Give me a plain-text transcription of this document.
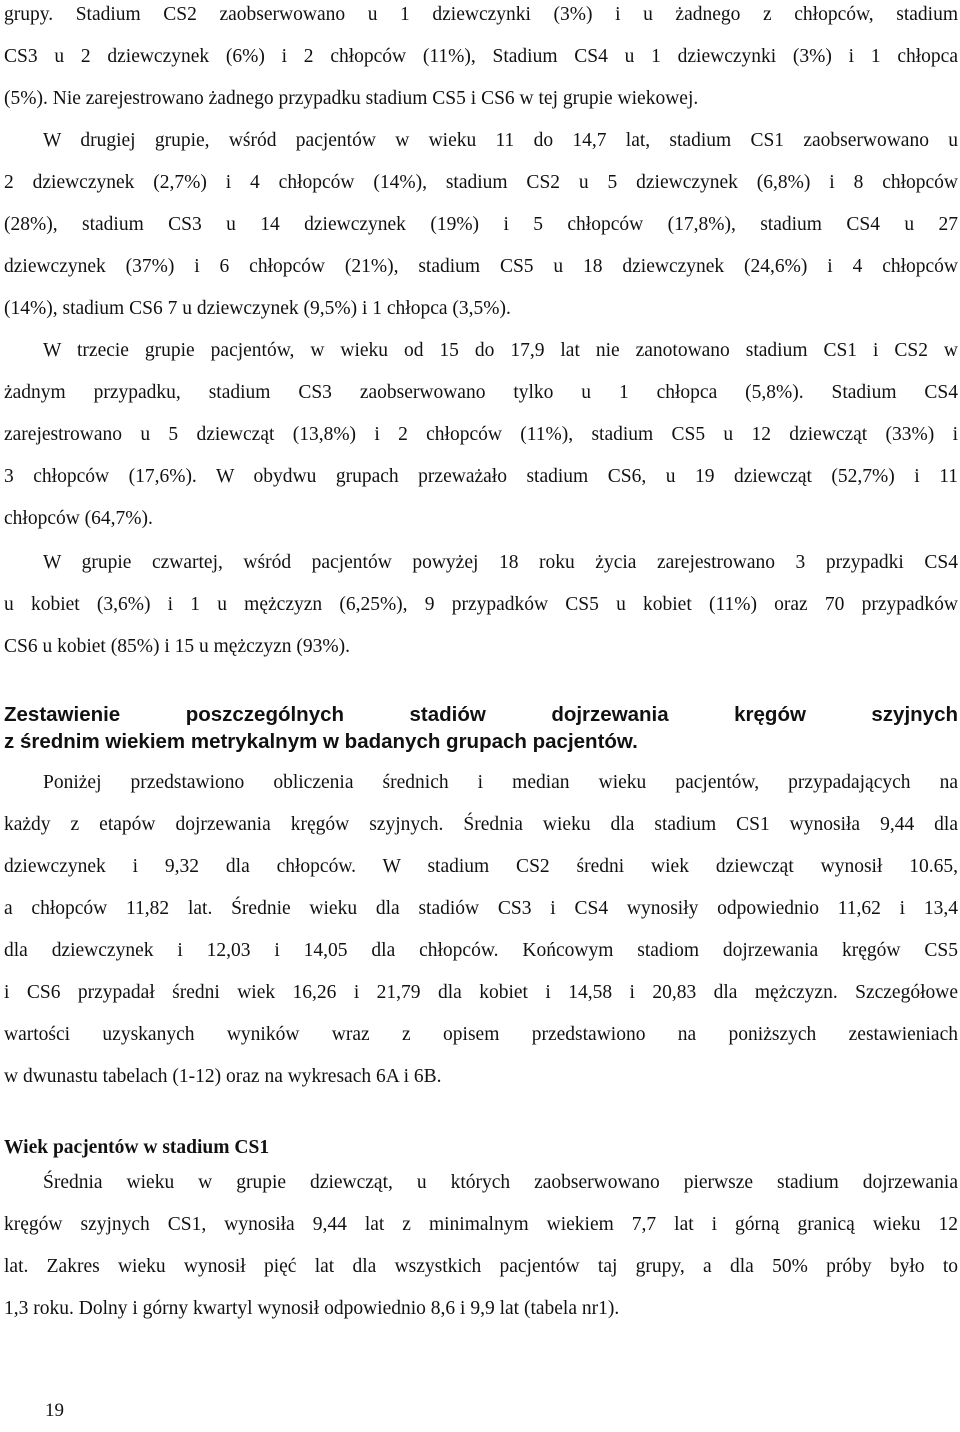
grupy. Stadium CS2 zaobserwowano u 1 dziewczynki (3%) i u żadnego z chłopców, stadium
CS3 u 2 dziewczynek (6%) i 2 chłopców (11%), Stadium CS4 u 1 dziewczynki (3%) i 1 chłopca
(5%). Nie zarejestrowano żadnego przypadku stadium CS5 i CS6 w tej grupie wiekowej.
W drugiej grupie, wśród pacjentów w wieku 11 do 14,7 lat, stadium CS1 zaobserwowano u
2 dziewczynek (2,7%) i 4 chłopców (14%), stadium CS2 u 5 dziewczynek (6,8%) i 8 chłopców
(28%), stadium CS3 u 14 dziewczynek (19%) i 5 chłopców (17,8%), stadium CS4 u 27
dziewczynek (37%) i 6 chłopców (21%), stadium CS5 u 18 dziewczynek (24,6%) i 4 chłopców
(14%), stadium CS6 7 u dziewczynek (9,5%) i 1 chłopca (3,5%).
W trzecie grupie pacjentów, w wieku od 15 do 17,9 lat nie zanotowano stadium CS1 i CS2 w
żadnym przypadku, stadium CS3 zaobserwowano tylko u 1 chłopca (5,8%). Stadium CS4
zarejestrowano u 5 dziewcząt (13,8%) i 2 chłopców (11%), stadium CS5 u 12 dziewcząt (33%) i
3 chłopców (17,6%). W obydwu grupach przeważało stadium CS6, u 19 dziewcząt (52,7%) i 11
chłopców (64,7%).
W grupie czwartej, wśród pacjentów powyżej 18 roku życia zarejestrowano 3 przypadki CS4
u kobiet (3,6%) i 1 u mężczyzn (6,25%), 9 przypadków CS5 u kobiet (11%) oraz 70 przypadków
CS6 u kobiet (85%) i 15 u mężczyzn (93%).
Zestawienie poszczególnych stadiów dojrzewania kręgów szyjnych
z średnim wiekiem metrykalnym w badanych grupach pacjentów.
Poniżej przedstawiono obliczenia średnich i median wieku pacjentów, przypadających na
każdy z etapów dojrzewania kręgów szyjnych. Średnia wieku dla stadium CS1 wynosiła 9,44 dla
dziewczynek i 9,32 dla chłopców. W stadium CS2 średni wiek dziewcząt wynosił 10.65,
a chłopców 11,82 lat. Średnie wieku dla stadiów CS3 i CS4 wynosiły odpowiednio 11,62 i 13,4
dla dziewczynek i 12,03 i 14,05 dla chłopców. Końcowym stadiom dojrzewania kręgów CS5
i CS6 przypadał średni wiek 16,26 i 21,79 dla kobiet i 14,58 i 20,83 dla mężczyzn. Szczegółowe
wartości uzyskanych wyników wraz z opisem przedstawiono na poniższych zestawieniach
w dwunastu tabelach (1-12) oraz na wykresach 6A i 6B.
Wiek pacjentów w stadium CS1
Średnia wieku w grupie dziewcząt, u których zaobserwowano pierwsze stadium dojrzewania
kręgów szyjnych CS1, wynosiła 9,44 lat z minimalnym wiekiem 7,7 lat i górną granicą wieku 12
lat. Zakres wieku wynosił pięć lat dla wszystkich pacjentów taj grupy, a dla 50% próby było to
1,3 roku. Dolny i górny kwartyl wynosił odpowiednio 8,6 i 9,9 lat (tabela nr1).
19
